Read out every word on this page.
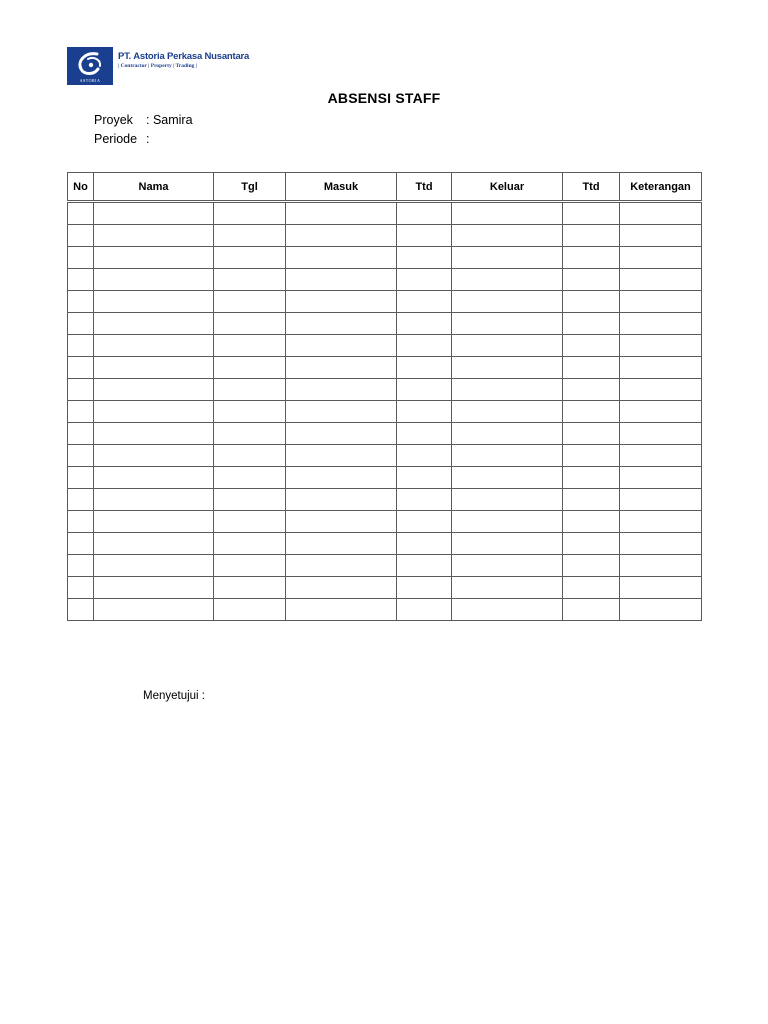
ASTORIA
PT. Astoria Perkasa Nusantara
| Contractor | Property | Trading |
ABSENSI STAFF
Proyek : Samira
Periode :
No	Nama	Tgl	Masuk	Ttd	Keluar	Ttd	Keterangan

Menyetujui :
